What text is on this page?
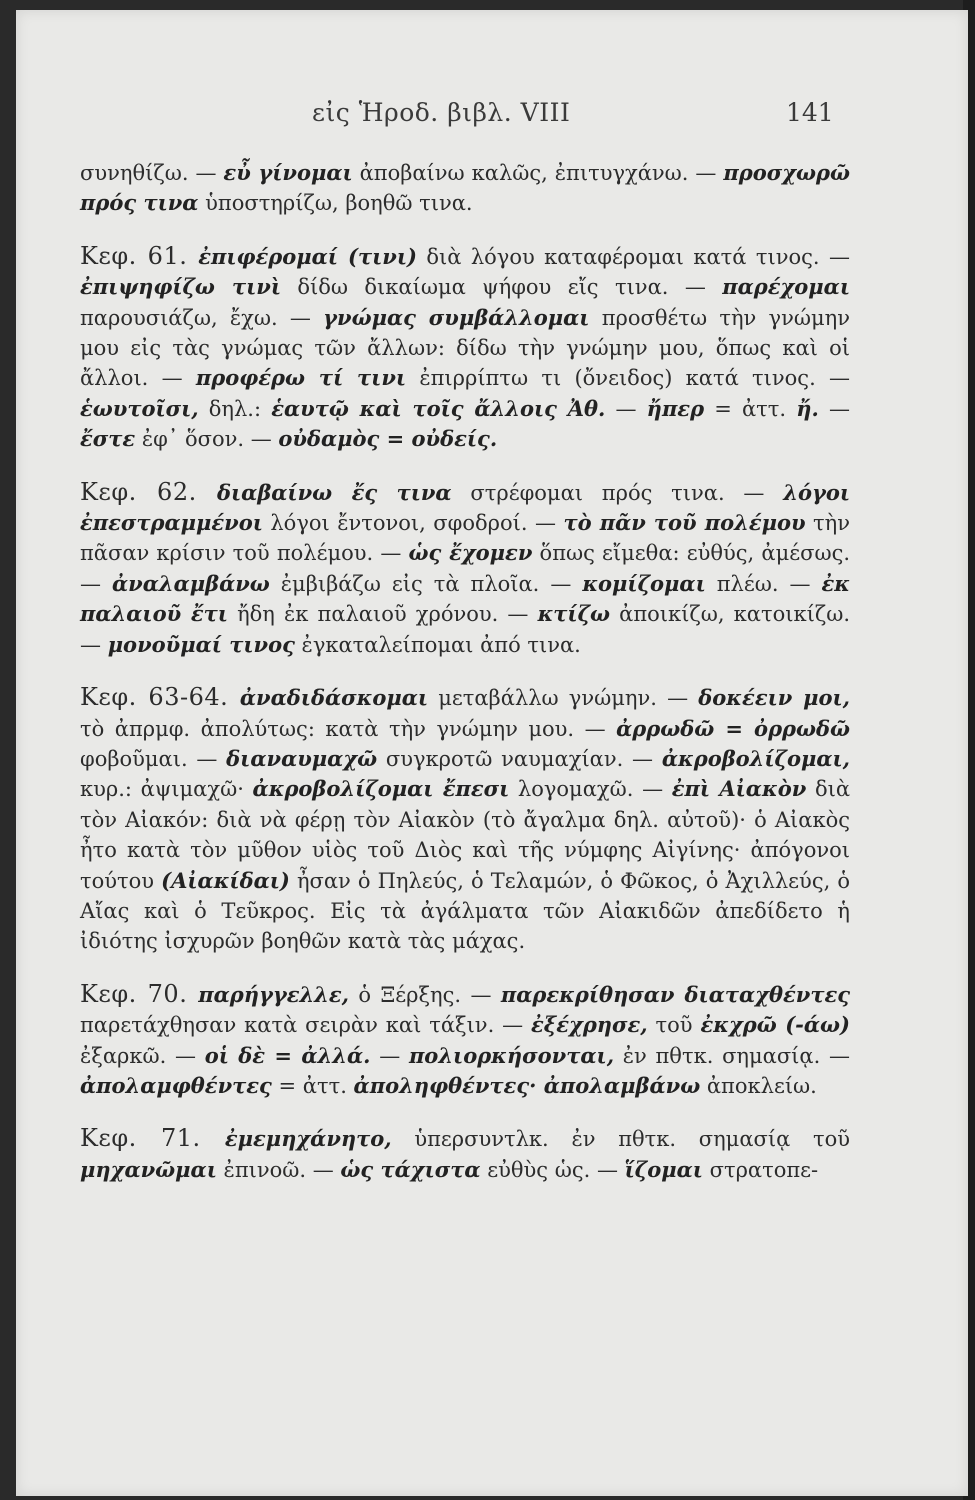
εἰς Ἡροδ. βιβλ. VIII	141

συνηθίζω. — εὖ γίνομαι ἀποβαίνω καλῶς, ἐπιτυγχάνω. — προσχωρῶ πρός τινα ὑποστηρίζω, βοηθῶ τινα.

Κεφ. 61. ἐπιφέρομαί (τινι) διὰ λόγου καταφέρομαι κατά τινος. — ἐπιψηφίζω τινὶ δίδω δικαίωμα ψήφου εἴς τινα. — παρέχομαι παρουσιάζω, ἔχω. — γνώμας συμβάλλομαι προσθέτω τὴν γνώμην μου εἰς τὰς γνώμας τῶν ἄλλων: δίδω τὴν γνώμην μου, ὅπως καὶ οἱ ἄλλοι. — προφέρω τί τινι ἐπιρρίπτω τι (ὄνειδος) κατά τινος. — ἑωυτοῖσι, δηλ.: ἑαυτῷ καὶ τοῖς ἄλλοις Ἀθ. — ἤπερ = ἀττ. ἤ. — ἔστε ἐφ᾿ ὅσον. — οὐδαμὸς = οὐδείς.

Κεφ. 62. διαβαίνω ἔς τινα στρέφομαι πρός τινα. — λόγοι ἐπεστραμμένοι λόγοι ἔντονοι, σφοδροί. — τὸ πᾶν τοῦ πολέμου τὴν πᾶσαν κρίσιν τοῦ πολέμου. — ὡς ἔχομεν ὅπως εἴμεθα: εὐθύς, ἀμέσως. — ἀναλαμβάνω ἐμβιβάζω εἰς τὰ πλοῖα. — κομίζομαι πλέω. — ἐκ παλαιοῦ ἔτι ἤδη ἐκ παλαιοῦ χρόνου. — κτίζω ἀποικίζω, κατοικίζω. — μονοῦμαί τινος ἐγκαταλείπομαι ἀπό τινα.

Κεφ. 63-64. ἀναδιδάσκομαι μεταβάλλω γνώμην. — δοκέειν μοι, τὸ ἀπρμφ. ἀπολύτως: κατὰ τὴν γνώμην μου. — ἀρρωδῶ = ὀρρωδῶ φοβοῦμαι. — διαναυμαχῶ συγκροτῶ ναυμαχίαν. — ἀκροβολίζομαι, κυρ.: ἀψιμαχῶ· ἀκροβολίζομαι ἔπεσι λογομαχῶ. — ἐπὶ Αἰακὸν διὰ τὸν Αἰακόν: διὰ νὰ φέρῃ τὸν Αἰακὸν (τὸ ἄγαλμα δηλ. αὐτοῦ)· ὁ Αἰακὸς ἦτο κατὰ τὸν μῦθον υἱὸς τοῦ Διὸς καὶ τῆς νύμφης Αἰγίνης· ἀπόγονοι τούτου (Αἰακίδαι) ἦσαν ὁ Πηλεύς, ὁ Τελαμών, ὁ Φῶκος, ὁ Ἀχιλλεύς, ὁ Αἴας καὶ ὁ Τεῦκρος. Εἰς τὰ ἀγάλματα τῶν Αἰακιδῶν ἀπεδίδετο ἡ ἰδιότης ἰσχυρῶν βοηθῶν κατὰ τὰς μάχας.

Κεφ. 70. παρήγγελλε, ὁ Ξέρξης. — παρεκρίθησαν διαταχθέντες παρετάχθησαν κατὰ σειρὰν καὶ τάξιν. — ἐξέχρησε, τοῦ ἐκχρῶ (-άω) ἐξαρκῶ. — οἱ δὲ = ἀλλά. — πολιορκήσονται, ἐν πθτκ. σημασίᾳ. — ἀπολαμφθέντες = ἀττ. ἀποληφθέντες· ἀπολαμβάνω ἀποκλείω.

Κεφ. 71. ἐμεμηχάνητο, ὑπερσυντλκ. ἐν πθτκ. σημασίᾳ τοῦ μηχανῶμαι ἐπινοῶ. — ὡς τάχιστα εὐθὺς ὡς. — ἵζομαι στρατοπε-
